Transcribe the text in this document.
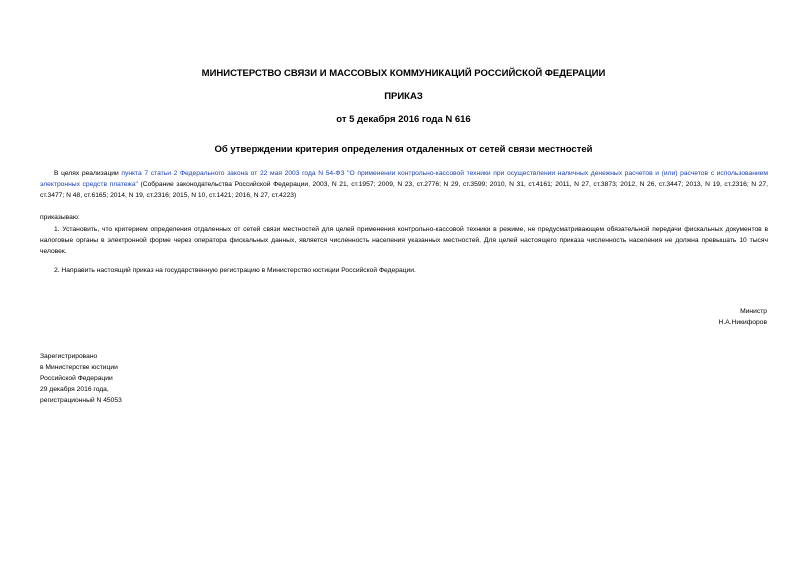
МИНИСТЕРСТВО СВЯЗИ И МАССОВЫХ КОММУНИКАЦИЙ РОССИЙСКОЙ ФЕДЕРАЦИИ
ПРИКАЗ
от 5 декабря 2016 года N 616
Об утверждении критерия определения отдаленных от сетей связи местностей
В целях реализации пункта 7 статьи 2 Федерального закона от 22 мая 2003 года N 54-ФЗ "О применении контрольно-кассовой техники при осуществлении наличных денежных расчетов и (или) расчетов с использованием электронных средств платежа" (Собрание законодательства Российской Федерации, 2003, N 21, ст.1957; 2009, N 23, ст.2776; N 29, ст.3599; 2010, N 31, ст.4161; 2011, N 27, ст.3873; 2012, N 26, ст.3447; 2013, N 19, ст.2316; N 27, ст.3477; N 48, ст.6165; 2014, N 19, ст.2316; 2015, N 10, ст.1421; 2016, N 27, ст.4223)
приказываю:
1. Установить, что критерием определения отдаленных от сетей связи местностей для целей применения контрольно-кассовой техники в режиме, не предусматривающем обязательной передачи фискальных документов в налоговые органы в электронной форме через оператора фискальных данных, является численность населения указанных местностей. Для целей настоящего приказа численность населения не должна превышать 10 тысяч человек.
2. Направить настоящий приказ на государственную регистрацию в Министерство юстиции Российской Федерации.
Министр
Н.А.Никифоров
Зарегистрировано
в Министерстве юстиции
Российской Федерации
29 декабря 2016 года,
регистрационный N 45053
